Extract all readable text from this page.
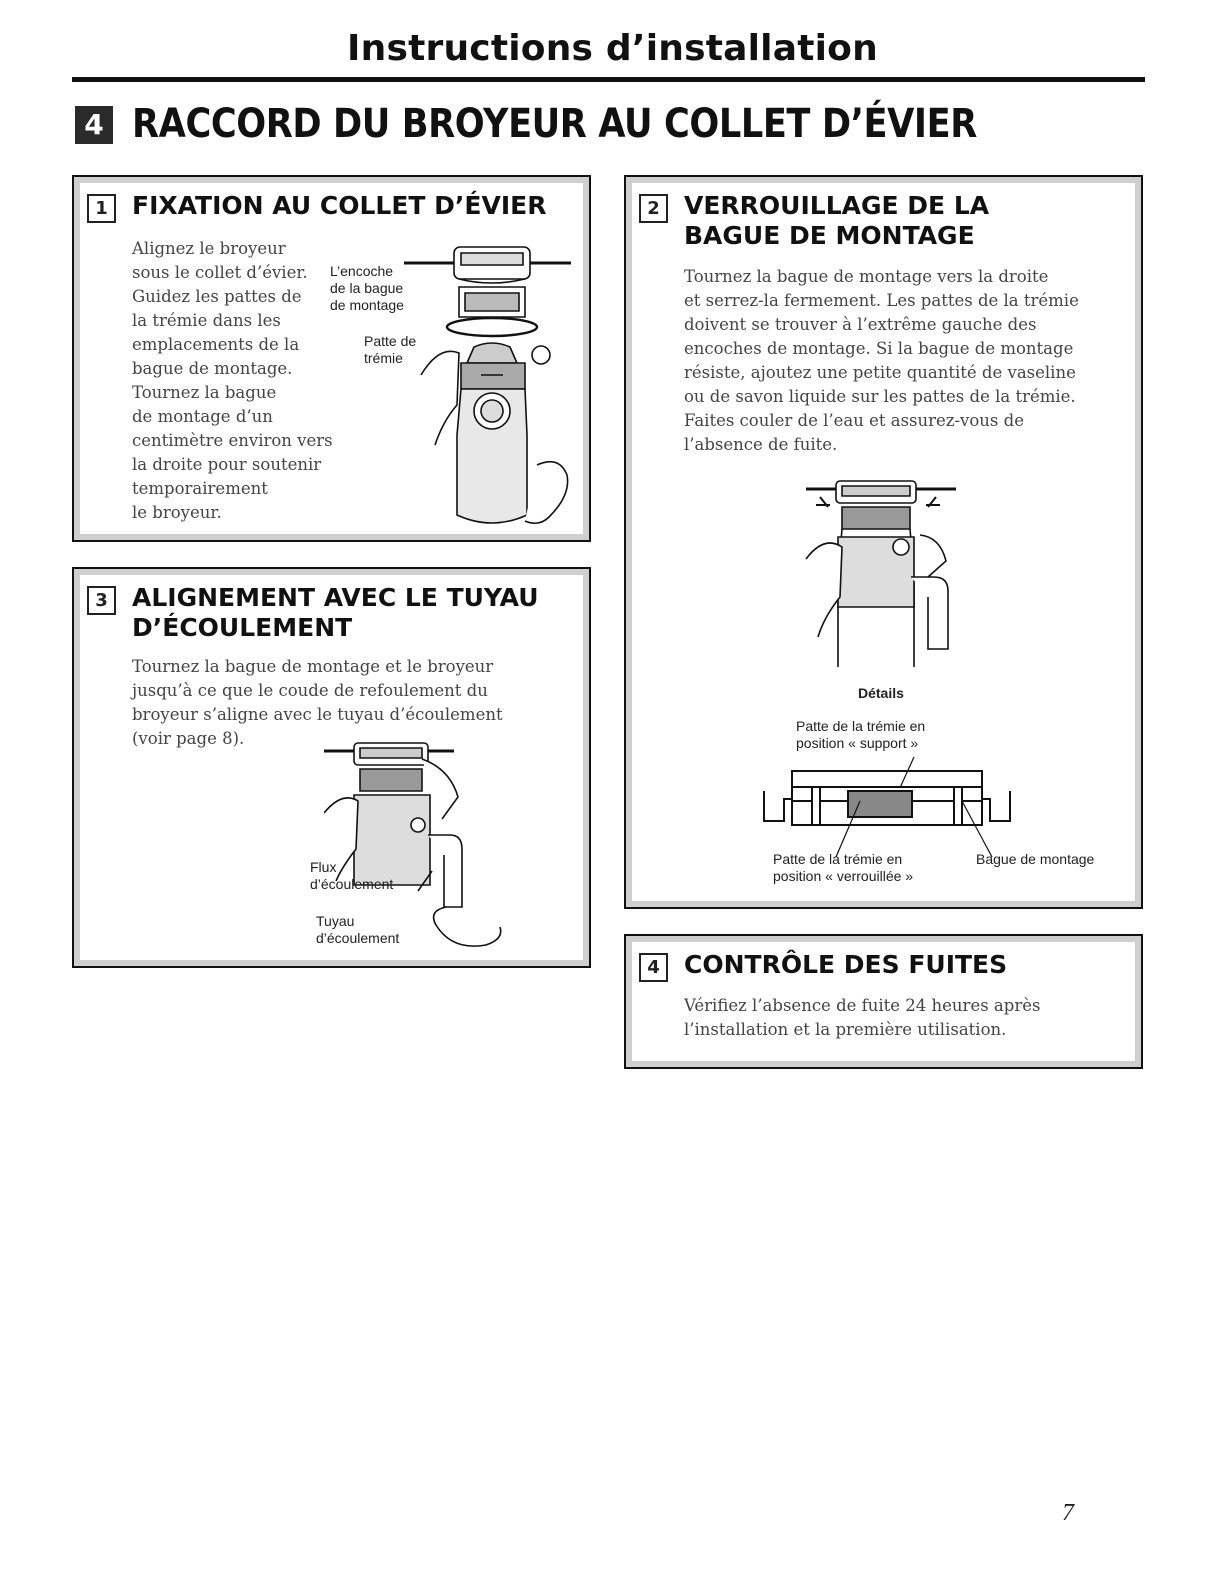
Instructions d’installation
4 RACCORD DU BROYEUR AU COLLET D’ÉVIER
1 FIXATION AU COLLET D’ÉVIER
Alignez le broyeur
sous le collet d’évier.
Guidez les pattes de
la trémie dans les
emplacements de la
bague de montage.
Tournez la bague
de montage d’un
centimètre environ vers
la droite pour soutenir
temporairement
le broyeur.
L’encoche
de la bague
de montage
Patte de
trémie
2 VERROUILLAGE DE LA
BAGUE DE MONTAGE
Tournez la bague de montage vers la droite
et serrez-la fermement. Les pattes de la trémie
doivent se trouver à l’extrême gauche des
encoches de montage. Si la bague de montage
résiste, ajoutez une petite quantité de vaseline
ou de savon liquide sur les pattes de la trémie.
Faites couler de l’eau et assurez-vous de
l’absence de fuite.
Détails
Patte de la trémie en
position « support »
Patte de la trémie en
position « verrouillée »
Bague de montage
3 ALIGNEMENT AVEC LE TUYAU
D’ÉCOULEMENT
Tournez la bague de montage et le broyeur
jusqu’à ce que le coude de refoulement du
broyeur s’aligne avec le tuyau d’écoulement
(voir page 8).
Flux
d’écoulement
Tuyau
d’écoulement
4 CONTRÔLE DES FUITES
Vérifiez l’absence de fuite 24 heures après
l’installation et la première utilisation.
7
